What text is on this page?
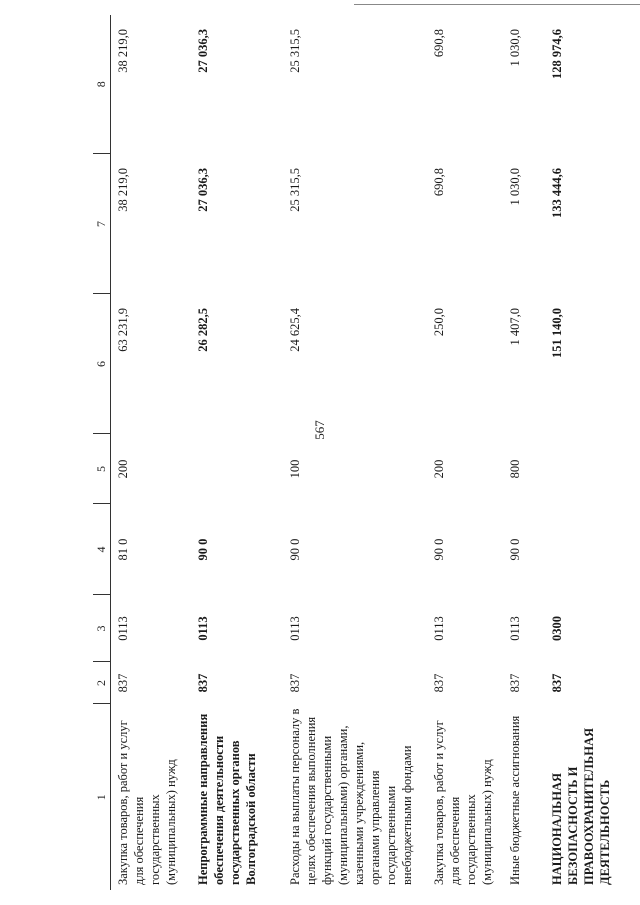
567
1	2	3	4	5	6	7	8
Закупка товаров, работ и услуг для обеспечения государственных (муниципальных) нужд	837	0113	81 0	200	63 231,9	38 219,0	38 219,0
Непрограммные направления обеспечения деятельности государственных органов Волгоградской области	837	0113	90 0		26 282,5	27 036,3	27 036,3
Расходы на выплаты персоналу в целях обеспечения выполнения функций государственными (муниципальными) органами, казенными учреждениями, органами управления государственными внебюджетными фондами	837	0113	90 0	100	24 625,4	25 315,5	25 315,5
Закупка товаров, работ и услуг для обеспечения государственных (муниципальных) нужд	837	0113	90 0	200	250,0	690,8	690,8
Иные бюджетные ассигнования	837	0113	90 0	800	1 407,0	1 030,0	1 030,0
НАЦИОНАЛЬНАЯ БЕЗОПАСНОСТЬ И ПРАВООХРАНИТЕЛЬНАЯ ДЕЯТЕЛЬНОСТЬ	837	0300			151 140,0	133 444,6	128 974,6
